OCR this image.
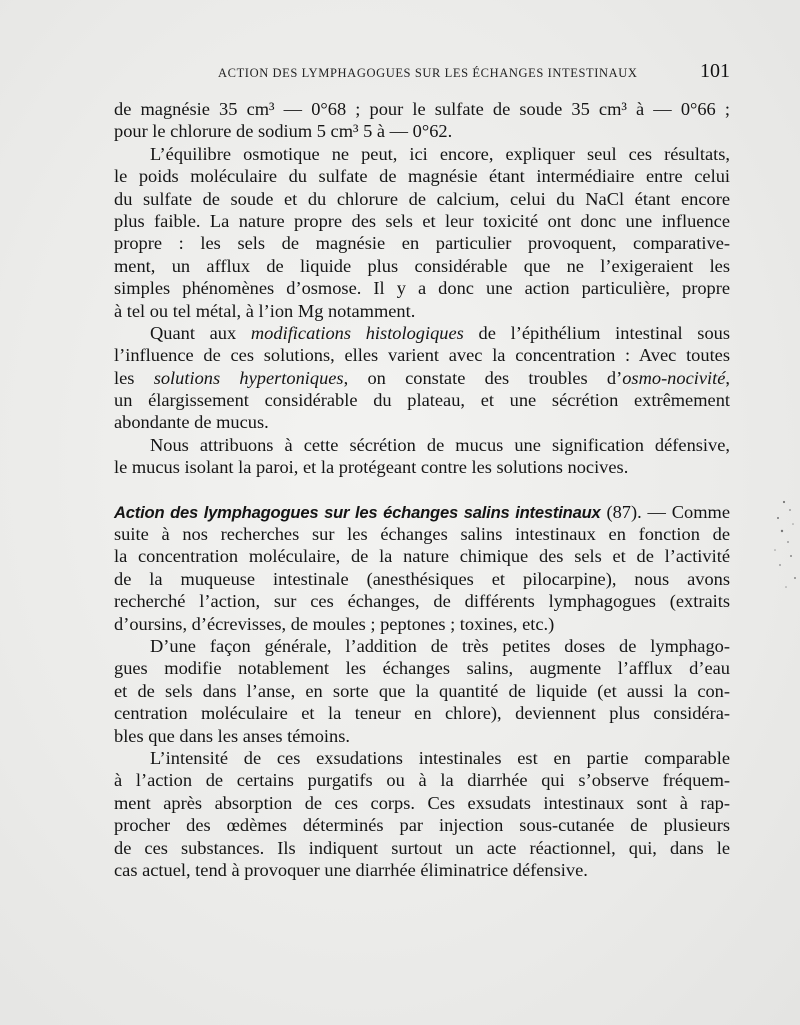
ACTION DES LYMPHAGOGUES SUR LES ÉCHANGES INTESTINAUX	101
de magnésie 35 cm³ — 0°68 ; pour le sulfate de soude 35 cm³ à — 0°66 ;
pour le chlorure de sodium 5 cm³ 5 à — 0°62.
L’équilibre osmotique ne peut, ici encore, expliquer seul ces résultats,
le poids moléculaire du sulfate de magnésie étant intermédiaire entre celui
du sulfate de soude et du chlorure de calcium, celui du NaCl étant encore
plus faible. La nature propre des sels et leur toxicité ont donc une influence
propre : les sels de magnésie en particulier provoquent, comparative-
ment, un afflux de liquide plus considérable que ne l’exigeraient les
simples phénomènes d’osmose. Il y a donc une action particulière, propre
à tel ou tel métal, à l’ion Mg notamment.
Quant aux modifications histologiques de l’épithélium intestinal sous
l’influence de ces solutions, elles varient avec la concentration : Avec toutes
les solutions hypertoniques, on constate des troubles d’osmo-nocivité,
un élargissement considérable du plateau, et une sécrétion extrêmement
abondante de mucus.
Nous attribuons à cette sécrétion de mucus une signification défensive,
le mucus isolant la paroi, et la protégeant contre les solutions nocives.
Action des lymphagogues sur les échanges salins intestinaux (87). — Comme
suite à nos recherches sur les échanges salins intestinaux en fonction de
la concentration moléculaire, de la nature chimique des sels et de l’activité
de la muqueuse intestinale (anesthésiques et pilocarpine), nous avons
recherché l’action, sur ces échanges, de différents lymphagogues (extraits
d’oursins, d’écrevisses, de moules ; peptones ; toxines, etc.)
D’une façon générale, l’addition de très petites doses de lymphago-
gues modifie notablement les échanges salins, augmente l’afflux d’eau
et de sels dans l’anse, en sorte que la quantité de liquide (et aussi la con-
centration moléculaire et la teneur en chlore), deviennent plus considéra-
bles que dans les anses témoins.
L’intensité de ces exsudations intestinales est en partie comparable
à l’action de certains purgatifs ou à la diarrhée qui s’observe fréquem-
ment après absorption de ces corps. Ces exsudats intestinaux sont à rap-
procher des œdèmes déterminés par injection sous-cutanée de plusieurs
de ces substances. Ils indiquent surtout un acte réactionnel, qui, dans le
cas actuel, tend à provoquer une diarrhée éliminatrice défensive.
